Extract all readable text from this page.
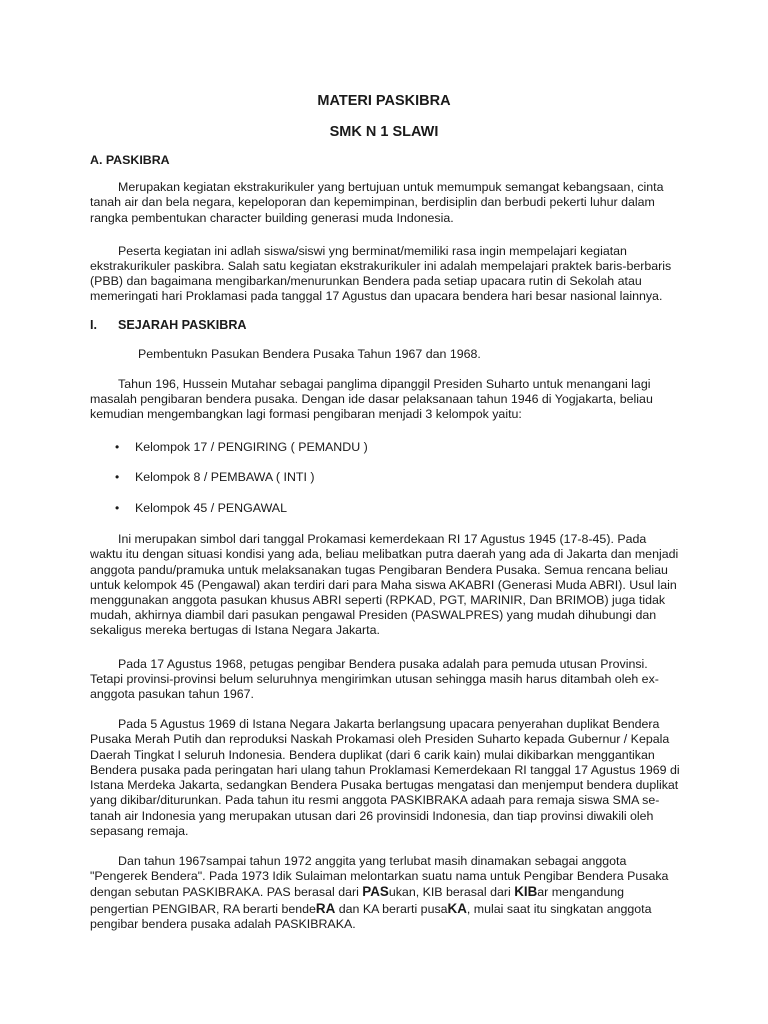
MATERI PASKIBRA
SMK N 1 SLAWI
A. PASKIBRA

Merupakan kegiatan ekstrakurikuler yang bertujuan untuk memumpuk semangat kebangsaan, cinta tanah air dan bela negara, kepeloporan dan kepemimpinan, berdisiplin dan berbudi pekerti luhur dalam rangka pembentukan character building generasi muda Indonesia.

Peserta kegiatan ini adlah siswa/siswi yng berminat/memiliki rasa ingin mempelajari kegiatan ekstrakurikuler paskibra. Salah satu kegiatan ekstrakurikuler ini adalah mempelajari praktek baris-berbaris (PBB) dan bagaimana mengibarkan/menurunkan Bendera pada setiap upacara rutin di Sekolah atau memeringati hari Proklamasi pada tanggal 17 Agustus dan upacara bendera hari besar nasional lainnya.

I. SEJARAH PASKIBRA

Pembentukn Pasukan Bendera Pusaka Tahun 1967 dan 1968.

Tahun 196, Hussein Mutahar sebagai panglima dipanggil Presiden Suharto untuk menangani lagi masalah pengibaran bendera pusaka. Dengan ide dasar pelaksanaan tahun 1946 di Yogjakarta, beliau kemudian mengembangkan lagi formasi pengibaran menjadi 3 kelompok yaitu:

• Kelompok 17 / PENGIRING ( PEMANDU )
• Kelompok 8 / PEMBAWA ( INTI )
• Kelompok 45 / PENGAWAL

Ini merupakan simbol dari tanggal Prokamasi kemerdekaan RI 17 Agustus 1945 (17-8-45). Pada waktu itu dengan situasi kondisi yang ada, beliau melibatkan putra daerah yang ada di Jakarta dan menjadi anggota pandu/pramuka untuk melaksanakan tugas Pengibaran Bendera Pusaka. Semua rencana beliau untuk kelompok 45 (Pengawal) akan terdiri dari para Maha siswa AKABRI (Generasi Muda ABRI). Usul lain menggunakan anggota pasukan khusus ABRI seperti (RPKAD, PGT, MARINIR, Dan BRIMOB) juga tidak mudah, akhirnya diambil dari pasukan pengawal Presiden (PASWALPRES) yang mudah dihubungi dan sekaligus mereka bertugas di Istana Negara Jakarta.

Pada 17 Agustus 1968, petugas pengibar Bendera pusaka adalah para pemuda utusan Provinsi. Tetapi provinsi-provinsi belum seluruhnya mengirimkan utusan sehingga masih harus ditambah oleh ex-anggota pasukan tahun 1967.

Pada 5 Agustus 1969 di Istana Negara Jakarta berlangsung upacara penyerahan duplikat Bendera Pusaka Merah Putih dan reproduksi Naskah Prokamasi oleh Presiden Suharto kepada Gubernur / Kepala Daerah Tingkat I seluruh Indonesia. Bendera duplikat (dari 6 carik kain) mulai dikibarkan menggantikan Bendera pusaka pada peringatan hari ulang tahun Proklamasi Kemerdekaan RI tanggal 17 Agustus 1969 di Istana Merdeka Jakarta, sedangkan Bendera Pusaka bertugas mengatasi dan menjemput bendera duplikat yang dikibar/diturunkan. Pada tahun itu resmi anggota PASKIBRAKA adaah para remaja siswa SMA se-tanah air Indonesia yang merupakan utusan dari 26 provinsidi Indonesia, dan tiap provinsi diwakili oleh sepasang remaja.

Dan tahun 1967sampai tahun 1972 anggita yang terlubat masih dinamakan sebagai anggota "Pengerek Bendera". Pada 1973 Idik Sulaiman melontarkan suatu nama untuk Pengibar Bendera Pusaka dengan sebutan PASKIBRAKA. PAS berasal dari PASukan, KIB berasal dari KIBar mengandung pengertian PENGIBAR, RA berarti bendeRA dan KA berarti pusaKA, mulai saat itu singkatan anggota pengibar bendera pusaka adalah PASKIBRAKA.
